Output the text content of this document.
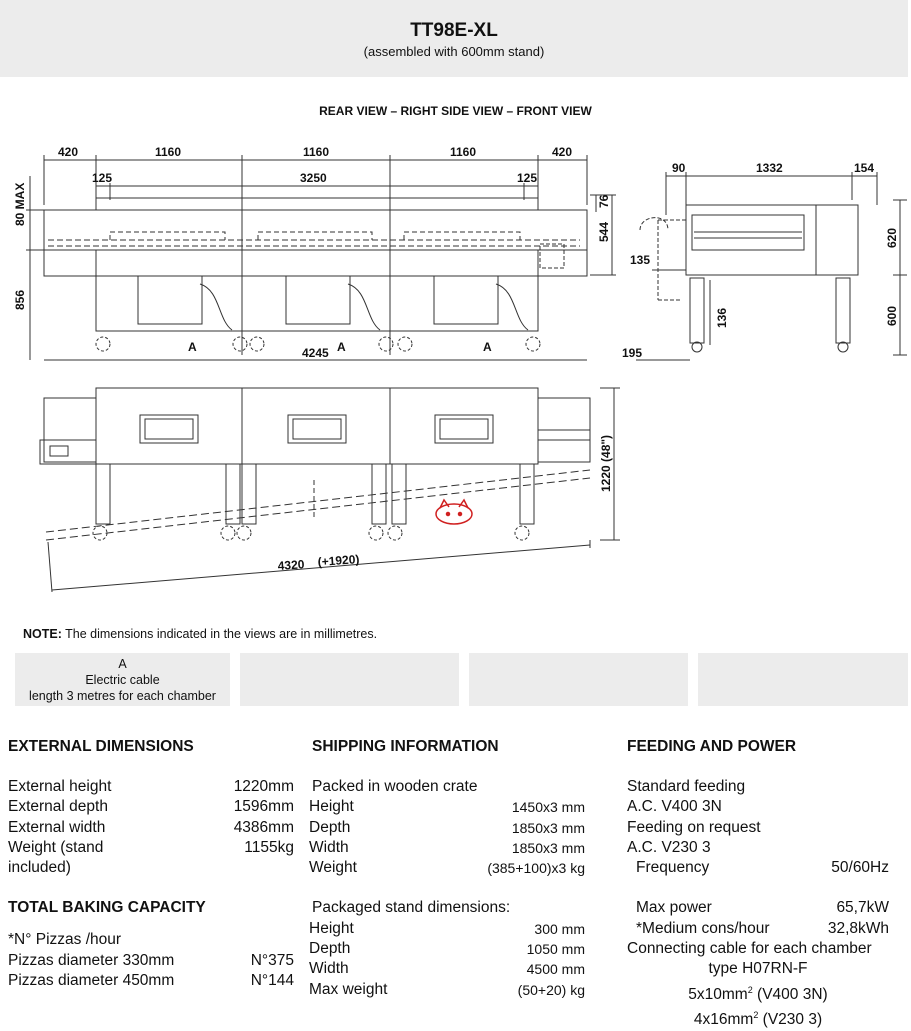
TT98E-XL
(assembled with 600mm stand)
REAR VIEW – RIGHT SIDE VIEW – FRONT VIEW
420	1160	1160	1160	420
125	3250	125
80 MAX
856
76
544
4245
A	A	A
90	1332	154
620
135
136	600
195
1220 (48")
4320 (+1920)
NOTE: The dimensions indicated in the views are in millimetres.
A
Electric cable
length 3 metres for each chamber
EXTERNAL DIMENSIONS
External height	1220mm
External depth	1596mm
External width	4386mm
Weight (stand	1155kg
included)
TOTAL BAKING CAPACITY
*N° Pizzas /hour
Pizzas diameter 330mm	N°375
Pizzas diameter 450mm	N°144
SHIPPING INFORMATION
Packed in wooden crate
Height	1450x3 mm
Depth	1850x3 mm
Width	1850x3 mm
Weight	(385+100)x3 kg
Packaged stand dimensions:
Height	300 mm
Depth	1050 mm
Width	4500 mm
Max weight	(50+20) kg
FEEDING AND POWER
Standard feeding
A.C. V400 3N
Feeding on request
A.C. V230 3
Frequency	50/60Hz
Max power	65,7kW
*Medium cons/hour	32,8kWh
Connecting cable for each chamber
type H07RN-F
$5x10mm^2$ (V400 3N)
$4x16mm^2$ (V230 3)
